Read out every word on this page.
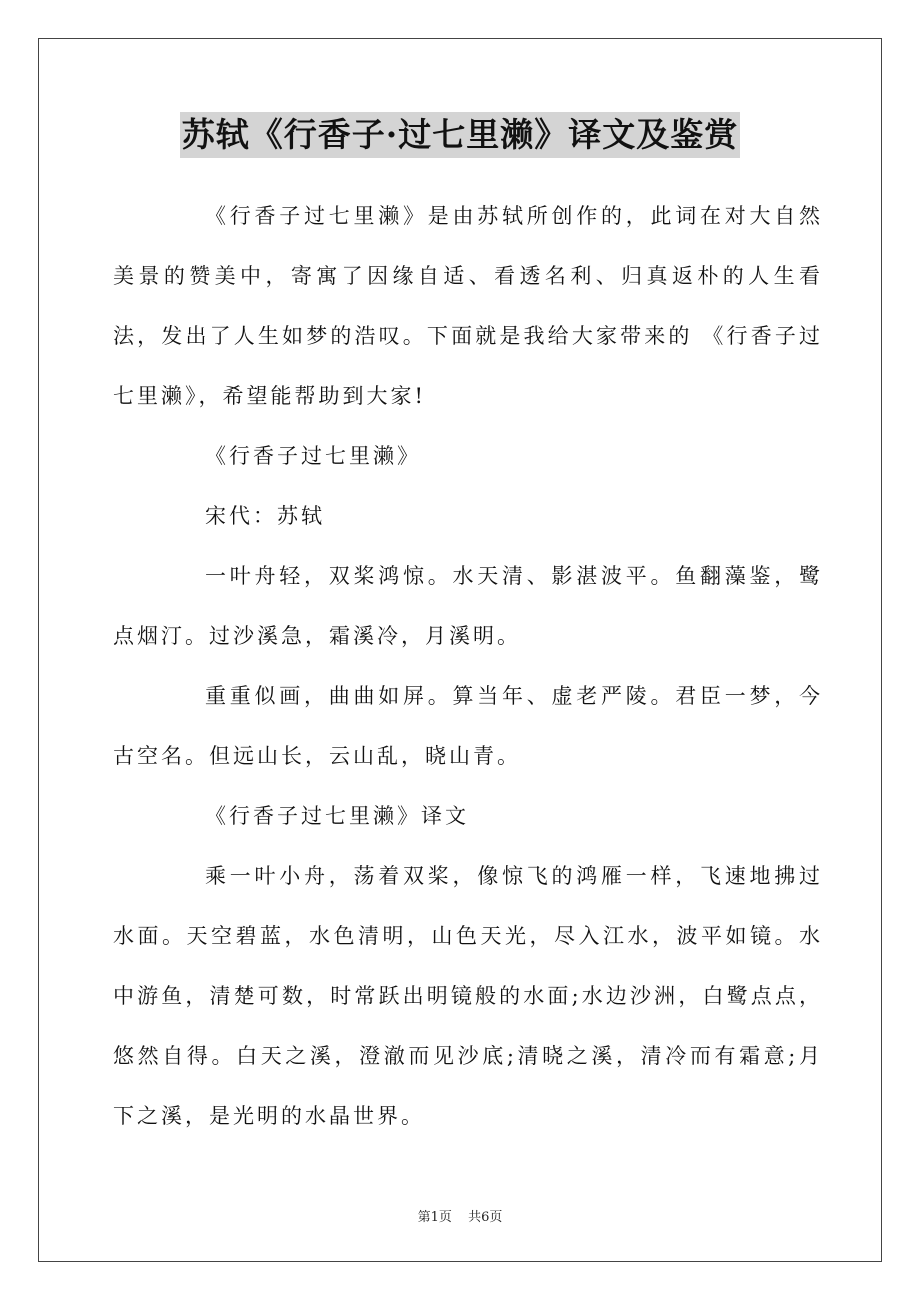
苏轼《行香子·过七里濑》译文及鉴赏

《行香子过七里濑》是由苏轼所创作的，此词在对大自然美景的赞美中，寄寓了因缘自适、看透名利、归真返朴的人生看法，发出了人生如梦的浩叹。下面就是我给大家带来的 《行香子过七里濑》，希望能帮助到大家!

《行香子过七里濑》

宋代：苏轼

一叶舟轻，双桨鸿惊。水天清、影湛波平。鱼翻藻鉴，鹭点烟汀。过沙溪急，霜溪冷，月溪明。

重重似画，曲曲如屏。算当年、虚老严陵。君臣一梦，今古空名。但远山长，云山乱，晓山青。

《行香子过七里濑》译文

乘一叶小舟，荡着双桨，像惊飞的鸿雁一样，飞速地拂过水面。天空碧蓝，水色清明，山色天光，尽入江水，波平如镜。水中游鱼，清楚可数，时常跃出明镜般的水面;水边沙洲，白鹭点点，悠然自得。白天之溪，澄澈而见沙底;清晓之溪，清冷而有霜意;月下之溪，是光明的水晶世界。

第1页 共6页
